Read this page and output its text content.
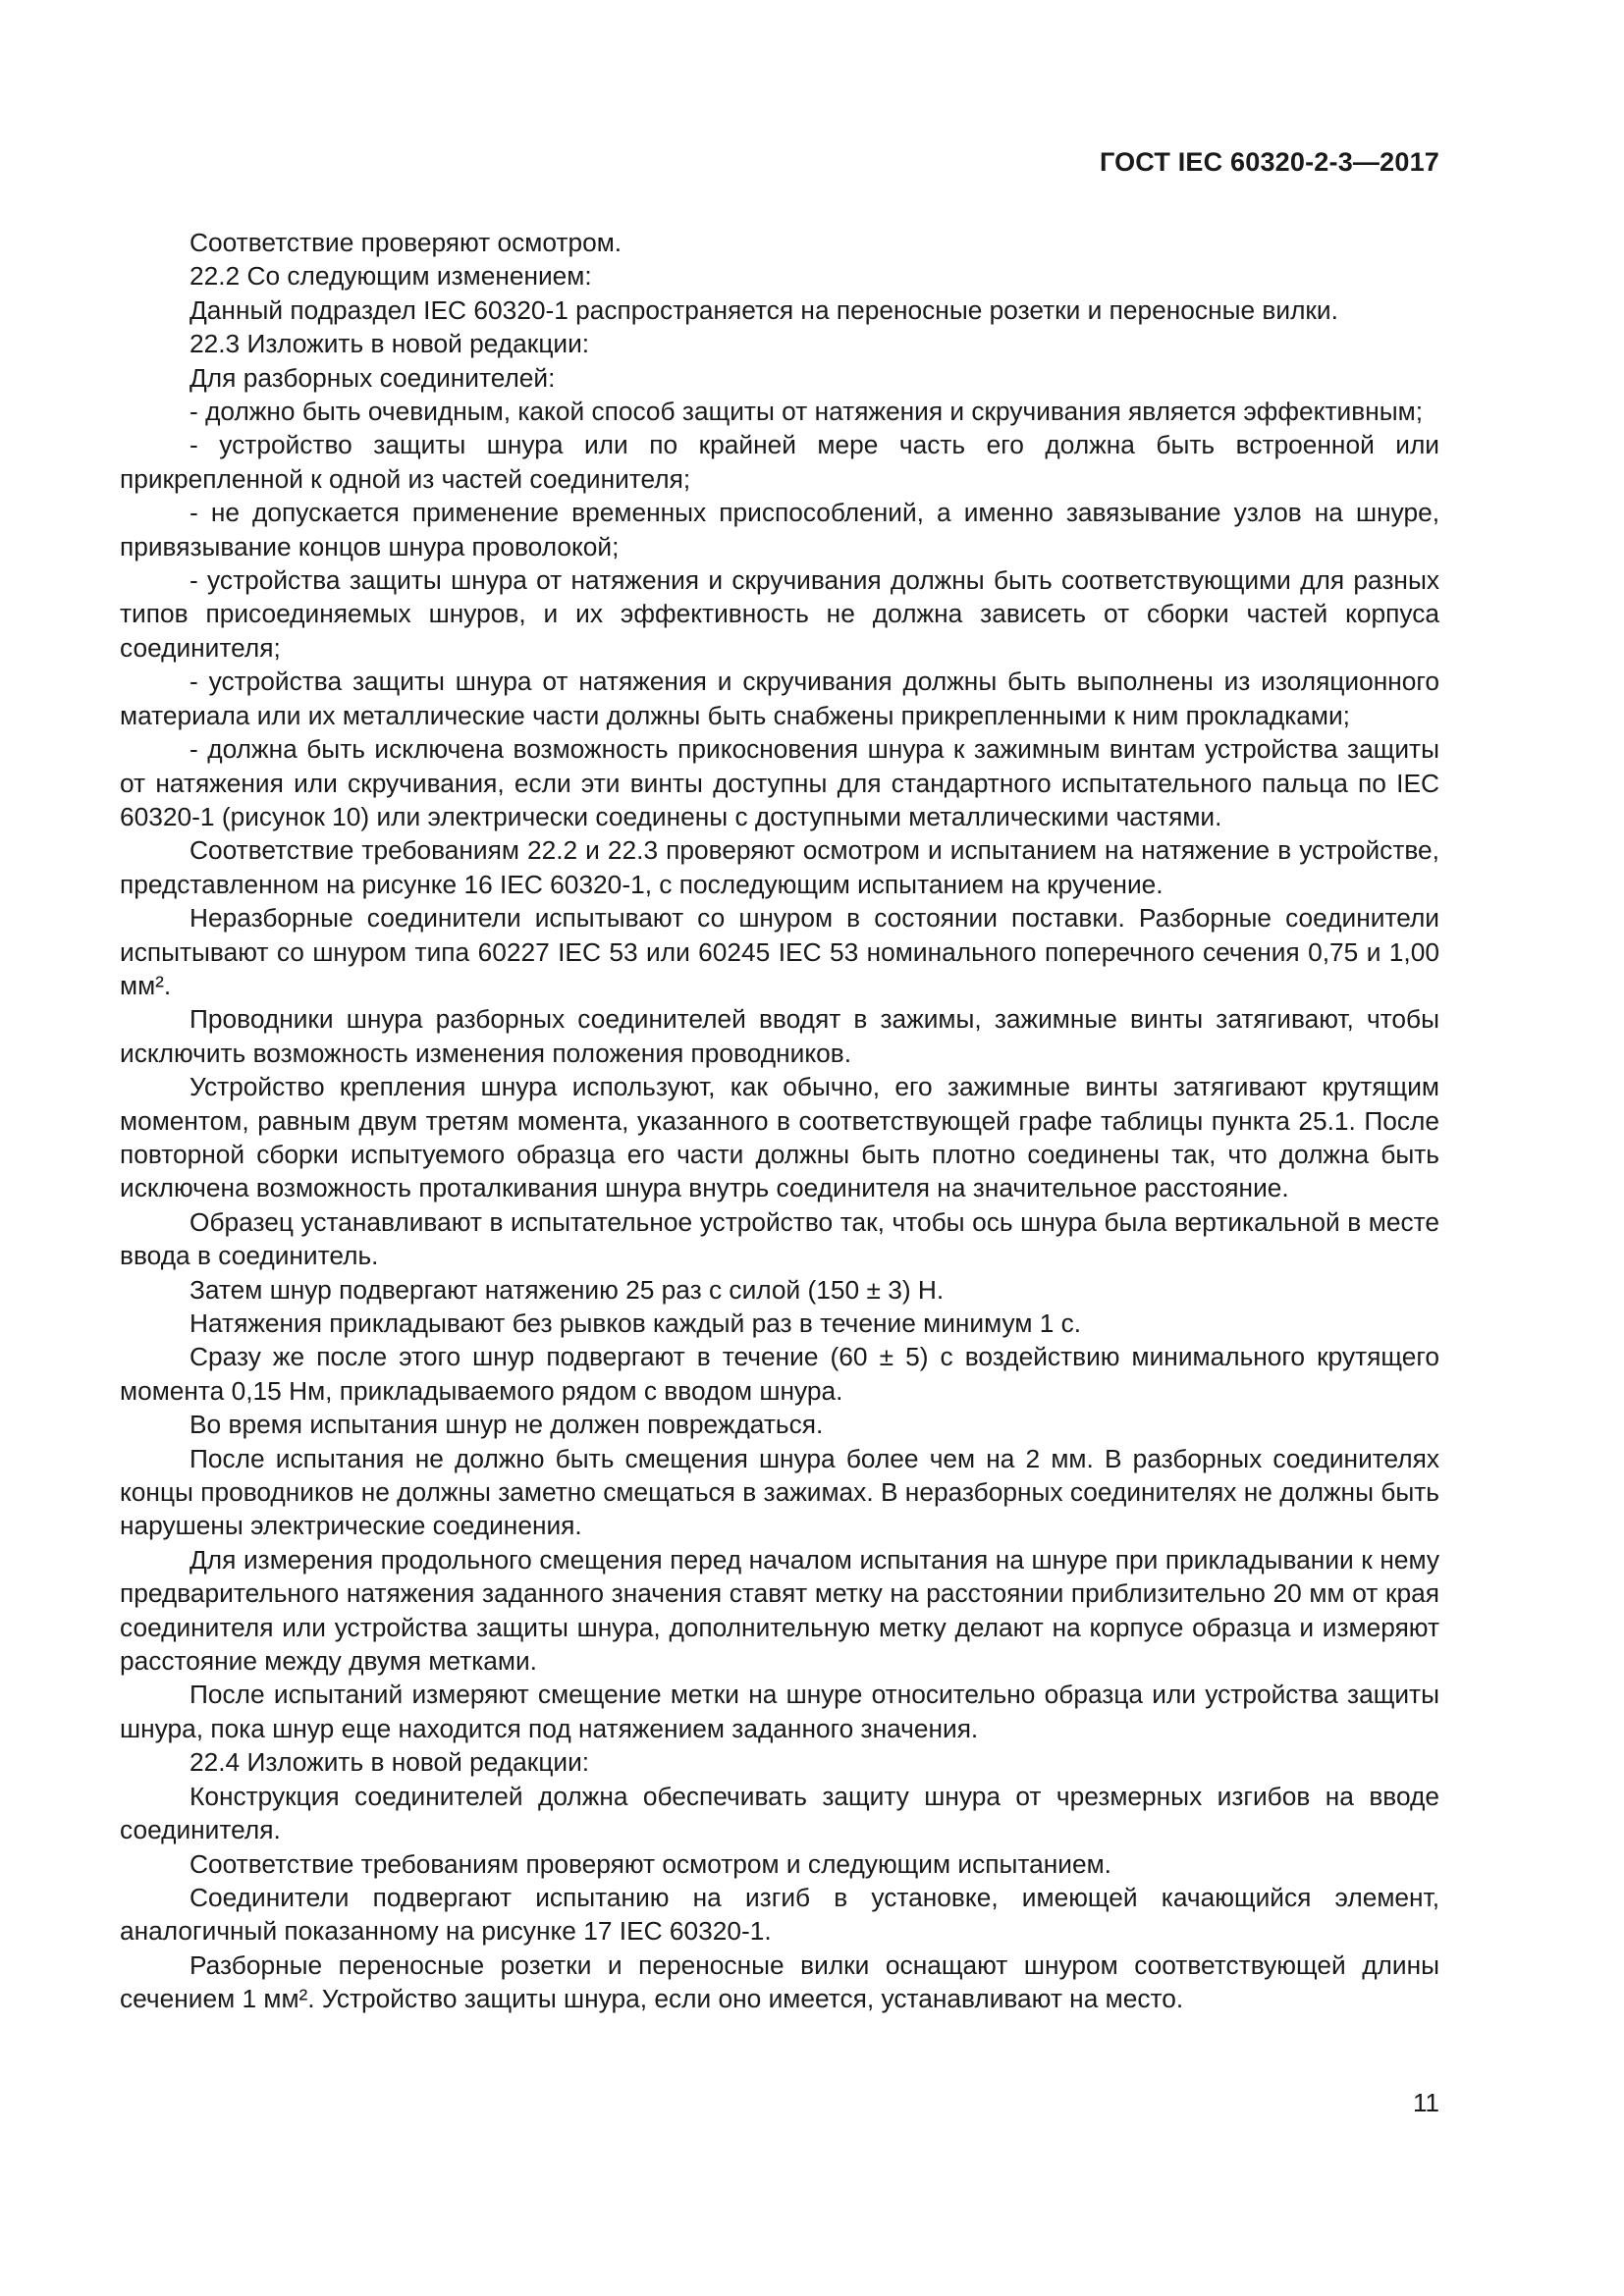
ГОСТ IEC 60320-2-3—2017

Соответствие проверяют осмотром.

22.2 Со следующим изменением:

Данный подраздел IEC 60320-1 распространяется на переносные розетки и переносные вилки.

22.3 Изложить в новой редакции:

Для разборных соединителей:

- должно быть очевидным, какой способ защиты от натяжения и скручивания является эффективным;

- устройство защиты шнура или по крайней мере часть его должна быть встроенной или прикрепленной к одной из частей соединителя;

- не допускается применение временных приспособлений, а именно завязывание узлов на шнуре, привязывание концов шнура проволокой;

- устройства защиты шнура от натяжения и скручивания должны быть соответствующими для разных типов присоединяемых шнуров, и их эффективность не должна зависеть от сборки частей корпуса соединителя;

- устройства защиты шнура от натяжения и скручивания должны быть выполнены из изоляционного материала или их металлические части должны быть снабжены прикрепленными к ним прокладками;

- должна быть исключена возможность прикосновения шнура к зажимным винтам устройства защиты от натяжения или скручивания, если эти винты доступны для стандартного испытательного пальца по IEC 60320-1 (рисунок 10) или электрически соединены с доступными металлическими частями.

Соответствие требованиям 22.2 и 22.3 проверяют осмотром и испытанием на натяжение в устройстве, представленном на рисунке 16 IEC 60320-1, с последующим испытанием на кручение.

Неразборные соединители испытывают со шнуром в состоянии поставки. Разборные соединители испытывают со шнуром типа 60227 IEC 53 или 60245 IEC 53 номинального поперечного сечения 0,75 и 1,00 мм².

Проводники шнура разборных соединителей вводят в зажимы, зажимные винты затягивают, чтобы исключить возможность изменения положения проводников.

Устройство крепления шнура используют, как обычно, его зажимные винты затягивают крутящим моментом, равным двум третям момента, указанного в соответствующей графе таблицы пункта 25.1. После повторной сборки испытуемого образца его части должны быть плотно соединены так, что должна быть исключена возможность проталкивания шнура внутрь соединителя на значительное расстояние.

Образец устанавливают в испытательное устройство так, чтобы ось шнура была вертикальной в месте ввода в соединитель.

Затем шнур подвергают натяжению 25 раз с силой (150 ± 3) Н.

Натяжения прикладывают без рывков каждый раз в течение минимум 1 с.

Сразу же после этого шнур подвергают в течение (60 ± 5) с воздействию минимального крутящего момента 0,15 Нм, прикладываемого рядом с вводом шнура.

Во время испытания шнур не должен повреждаться.

После испытания не должно быть смещения шнура более чем на 2 мм. В разборных соединителях концы проводников не должны заметно смещаться в зажимах. В неразборных соединителях не должны быть нарушены электрические соединения.

Для измерения продольного смещения перед началом испытания на шнуре при прикладывании к нему предварительного натяжения заданного значения ставят метку на расстоянии приблизительно 20 мм от края соединителя или устройства защиты шнура, дополнительную метку делают на корпусе образца и измеряют расстояние между двумя метками.

После испытаний измеряют смещение метки на шнуре относительно образца или устройства защиты шнура, пока шнур еще находится под натяжением заданного значения.

22.4 Изложить в новой редакции:

Конструкция соединителей должна обеспечивать защиту шнура от чрезмерных изгибов на вводе соединителя.

Соответствие требованиям проверяют осмотром и следующим испытанием.

Соединители подвергают испытанию на изгиб в установке, имеющей качающийся элемент, аналогичный показанному на рисунке 17 IEC 60320-1.

Разборные переносные розетки и переносные вилки оснащают шнуром соответствующей длины сечением 1 мм². Устройство защиты шнура, если оно имеется, устанавливают на место.

11
